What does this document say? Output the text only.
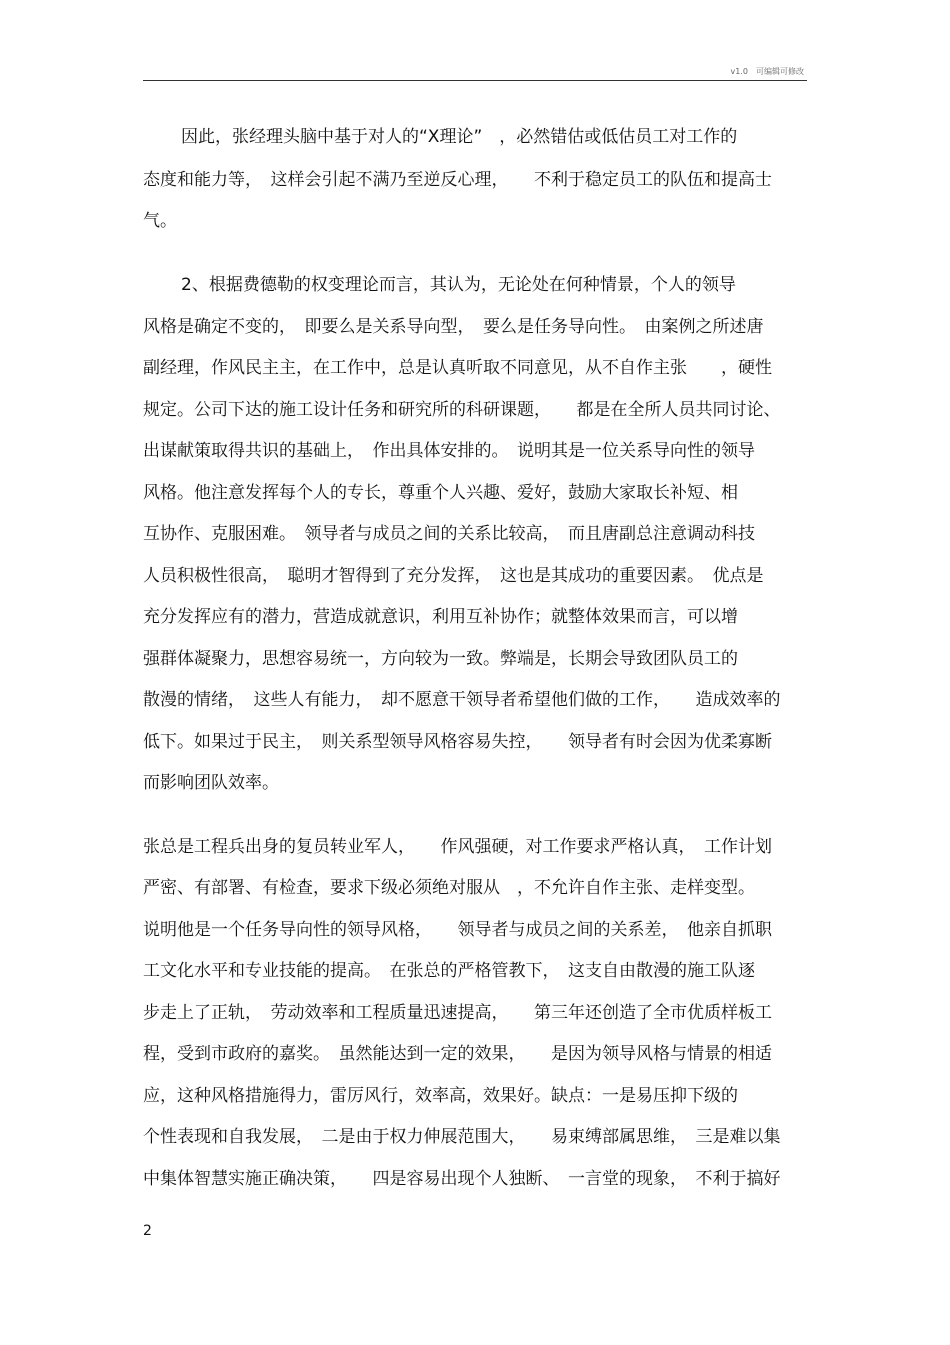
v1.0　可编辑可修改
因此，张经理头脑中基于对人的“X理论”　，必然错估或低估员工对工作的
态度和能力等，　这样会引起不满乃至逆反心理，　　不利于稳定员工的队伍和提高士
气。
2、根据费德勒的权变理论而言，其认为，无论处在何种情景，个人的领导
风格是确定不变的，　即要么是关系导向型，　要么是任务导向性。　由案例之所述唐
副经理，作风民主主，在工作中，总是认真听取不同意见，从不自作主张　　，硬性
规定。公司下达的施工设计任务和研究所的科研课题，　　都是在全所人员共同讨论、
出谋献策取得共识的基础上，　作出具体安排的。　说明其是一位关系导向性的领导
风格。他注意发挥每个人的专长，尊重个人兴趣、爱好，鼓励大家取长补短、相
互协作、克服困难。　领导者与成员之间的关系比较高，　而且唐副总注意调动科技
人员积极性很高，　聪明才智得到了充分发挥，　这也是其成功的重要因素。　优点是
充分发挥应有的潜力，营造成就意识，利用互补协作；就整体效果而言，可以增
强群体凝聚力，思想容易统一，方向较为一致。弊端是，长期会导致团队员工的
散漫的情绪，　这些人有能力，　却不愿意干领导者希望他们做的工作，　　造成效率的
低下。如果过于民主，　则关系型领导风格容易失控，　　领导者有时会因为优柔寡断
而影响团队效率。
张总是工程兵出身的复员转业军人，　　作风强硬，对工作要求严格认真，　工作计划
严密、有部署、有检查，要求下级必须绝对服从　，不允许自作主张、走样变型。
说明他是一个任务导向性的领导风格，　　领导者与成员之间的关系差，　他亲自抓职
工文化水平和专业技能的提高。　在张总的严格管教下，　这支自由散漫的施工队逐
步走上了正轨，　劳动效率和工程质量迅速提高，　　第三年还创造了全市优质样板工
程，受到市政府的嘉奖。　虽然能达到一定的效果，　　是因为领导风格与情景的相适
应，这种风格措施得力，雷厉风行，效率高，效果好。缺点：一是易压抑下级的
个性表现和自我发展，　二是由于权力伸展范围大，　　易束缚部属思维，　三是难以集
中集体智慧实施正确决策，　　四是容易出现个人独断、　一言堂的现象，　不利于搞好
2
